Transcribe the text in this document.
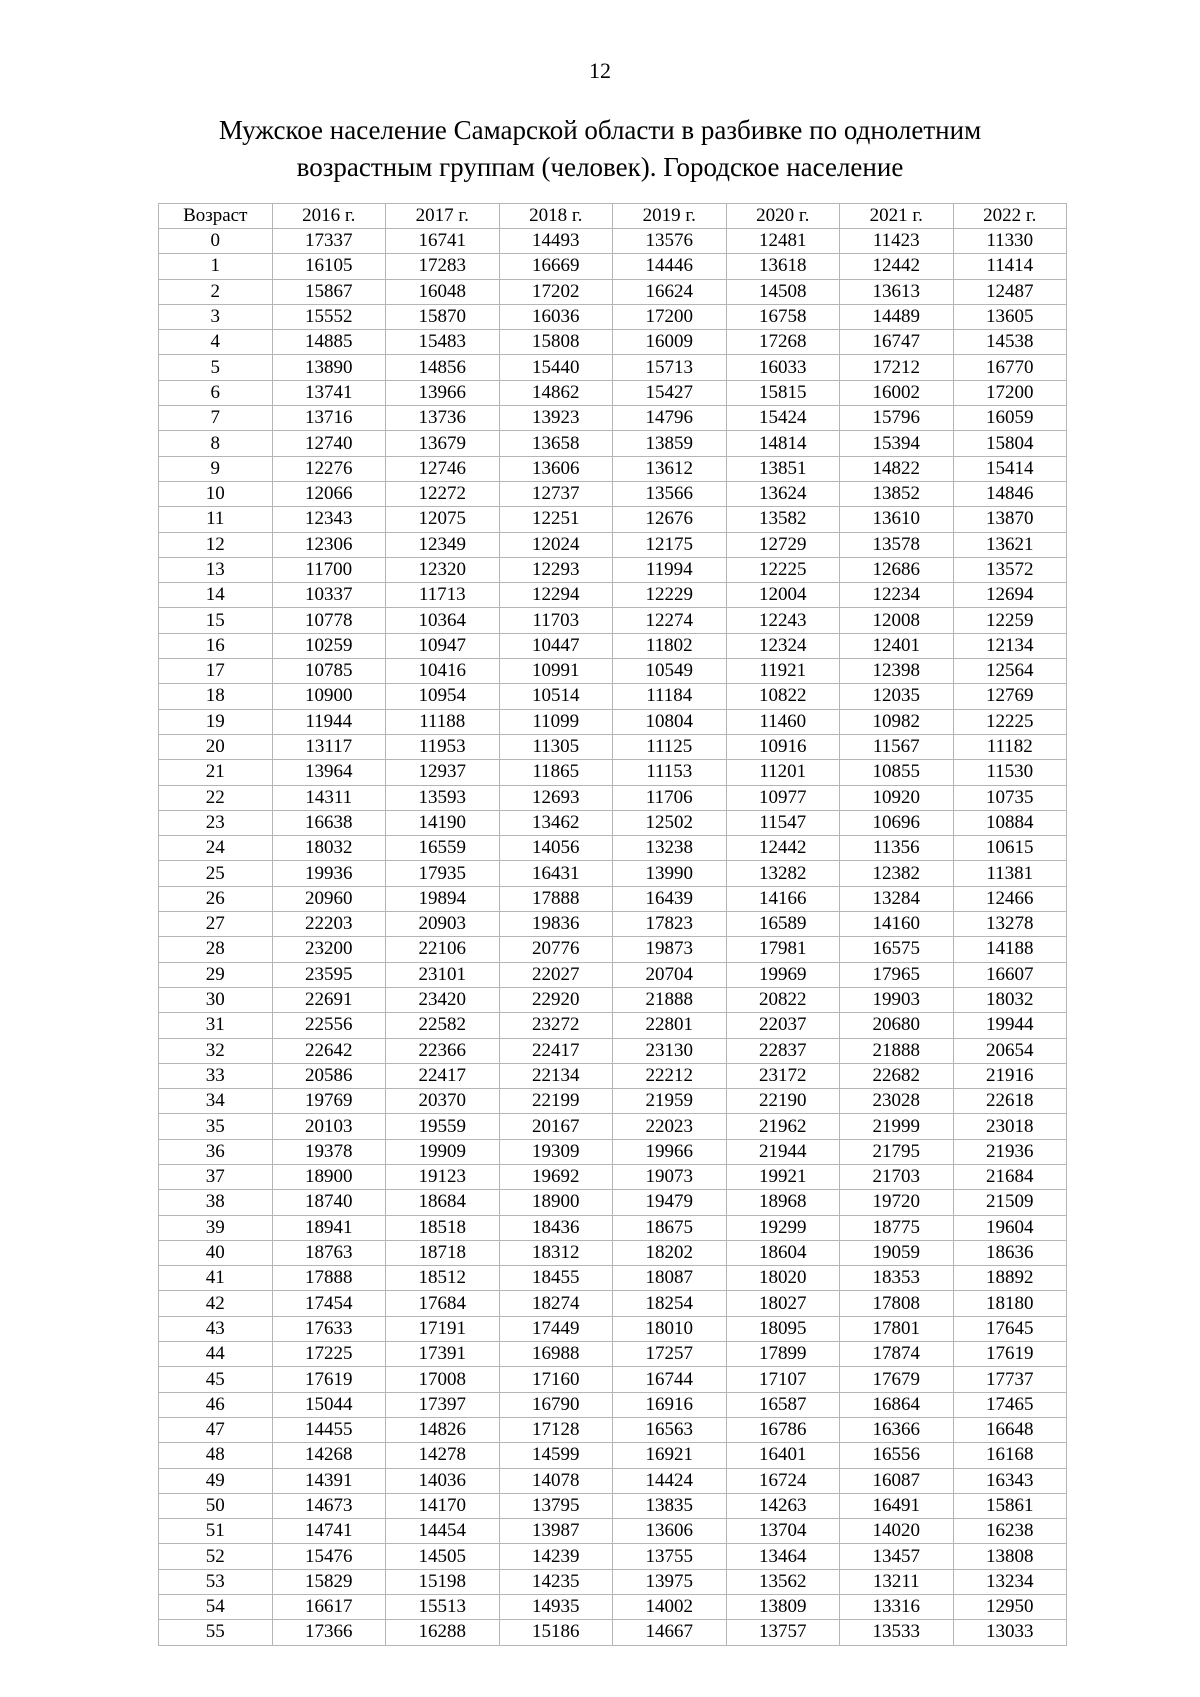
12
Мужское население Самарской области в разбивке по однолетним
возрастным группам (человек). Городское население
Возраст	2016 г.	2017 г.	2018 г.	2019 г.	2020 г.	2021 г.	2022 г.
0	17337	16741	14493	13576	12481	11423	11330
1	16105	17283	16669	14446	13618	12442	11414
2	15867	16048	17202	16624	14508	13613	12487
3	15552	15870	16036	17200	16758	14489	13605
4	14885	15483	15808	16009	17268	16747	14538
5	13890	14856	15440	15713	16033	17212	16770
6	13741	13966	14862	15427	15815	16002	17200
7	13716	13736	13923	14796	15424	15796	16059
8	12740	13679	13658	13859	14814	15394	15804
9	12276	12746	13606	13612	13851	14822	15414
10	12066	12272	12737	13566	13624	13852	14846
11	12343	12075	12251	12676	13582	13610	13870
12	12306	12349	12024	12175	12729	13578	13621
13	11700	12320	12293	11994	12225	12686	13572
14	10337	11713	12294	12229	12004	12234	12694
15	10778	10364	11703	12274	12243	12008	12259
16	10259	10947	10447	11802	12324	12401	12134
17	10785	10416	10991	10549	11921	12398	12564
18	10900	10954	10514	11184	10822	12035	12769
19	11944	11188	11099	10804	11460	10982	12225
20	13117	11953	11305	11125	10916	11567	11182
21	13964	12937	11865	11153	11201	10855	11530
22	14311	13593	12693	11706	10977	10920	10735
23	16638	14190	13462	12502	11547	10696	10884
24	18032	16559	14056	13238	12442	11356	10615
25	19936	17935	16431	13990	13282	12382	11381
26	20960	19894	17888	16439	14166	13284	12466
27	22203	20903	19836	17823	16589	14160	13278
28	23200	22106	20776	19873	17981	16575	14188
29	23595	23101	22027	20704	19969	17965	16607
30	22691	23420	22920	21888	20822	19903	18032
31	22556	22582	23272	22801	22037	20680	19944
32	22642	22366	22417	23130	22837	21888	20654
33	20586	22417	22134	22212	23172	22682	21916
34	19769	20370	22199	21959	22190	23028	22618
35	20103	19559	20167	22023	21962	21999	23018
36	19378	19909	19309	19966	21944	21795	21936
37	18900	19123	19692	19073	19921	21703	21684
38	18740	18684	18900	19479	18968	19720	21509
39	18941	18518	18436	18675	19299	18775	19604
40	18763	18718	18312	18202	18604	19059	18636
41	17888	18512	18455	18087	18020	18353	18892
42	17454	17684	18274	18254	18027	17808	18180
43	17633	17191	17449	18010	18095	17801	17645
44	17225	17391	16988	17257	17899	17874	17619
45	17619	17008	17160	16744	17107	17679	17737
46	15044	17397	16790	16916	16587	16864	17465
47	14455	14826	17128	16563	16786	16366	16648
48	14268	14278	14599	16921	16401	16556	16168
49	14391	14036	14078	14424	16724	16087	16343
50	14673	14170	13795	13835	14263	16491	15861
51	14741	14454	13987	13606	13704	14020	16238
52	15476	14505	14239	13755	13464	13457	13808
53	15829	15198	14235	13975	13562	13211	13234
54	16617	15513	14935	14002	13809	13316	12950
55	17366	16288	15186	14667	13757	13533	13033
